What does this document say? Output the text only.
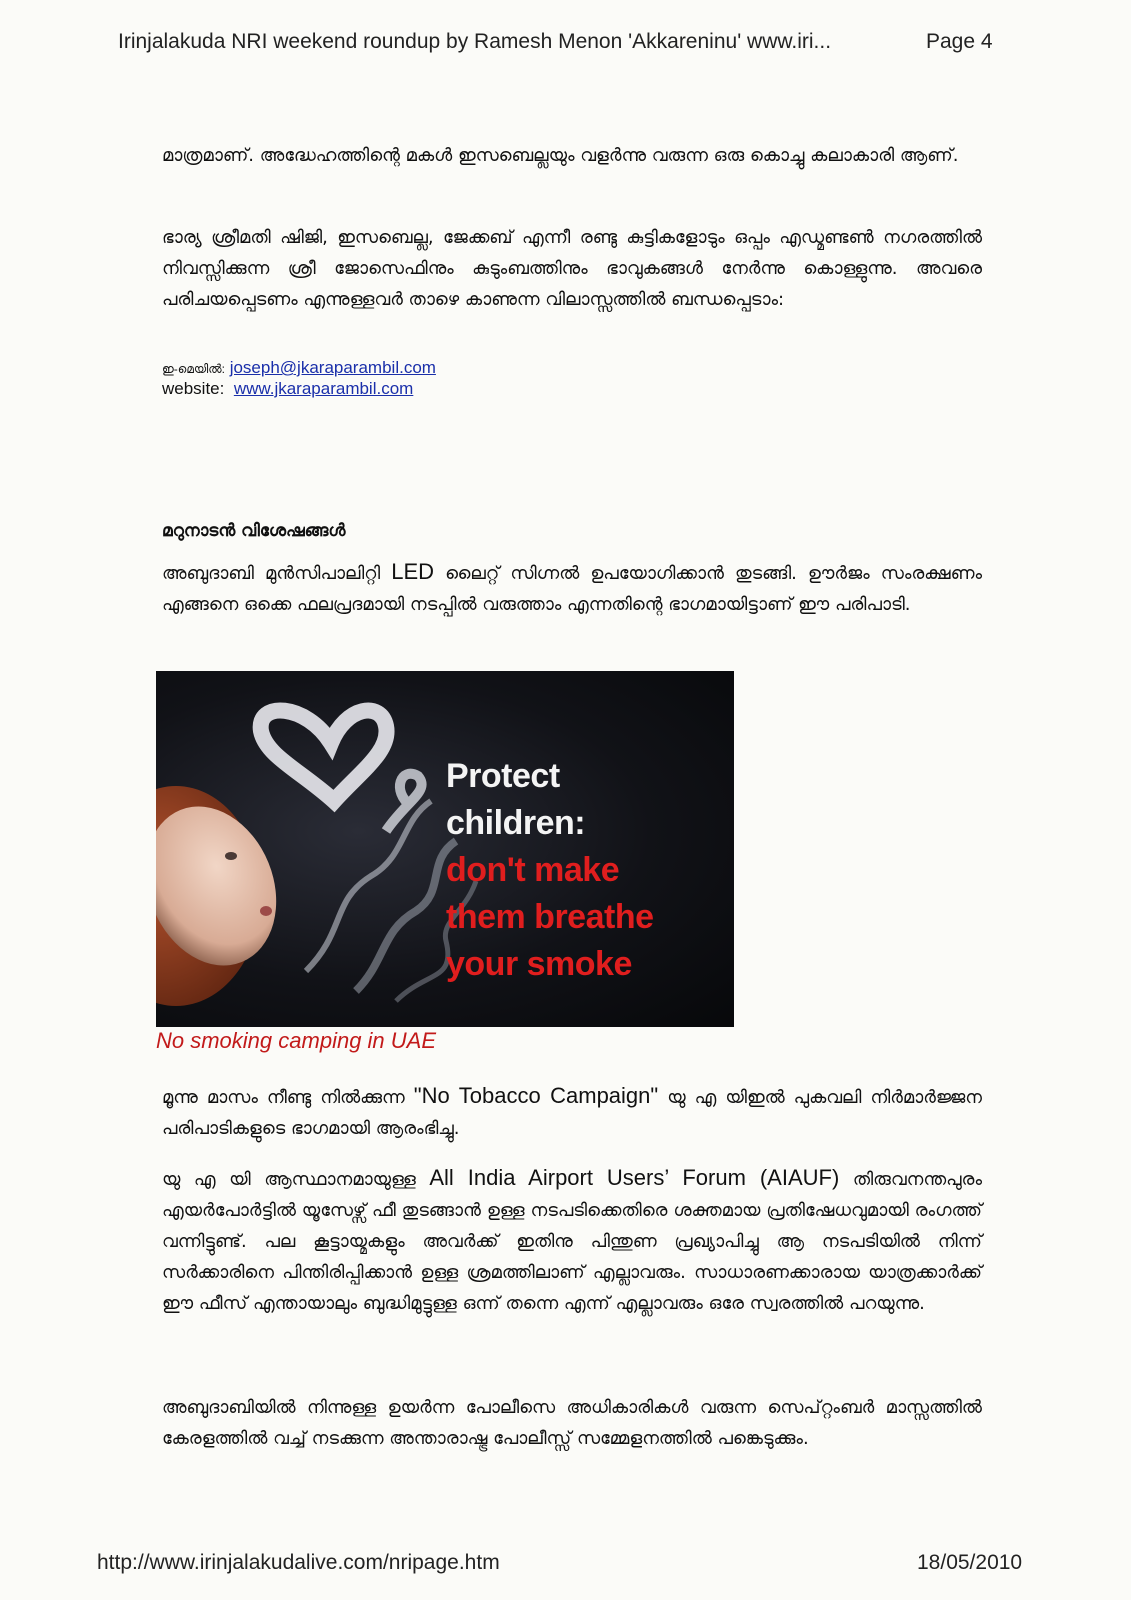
Irinjalakuda NRI weekend roundup by Ramesh Menon 'Akkareninu' www.iri...	Page 4

മാത്രമാണ്. അദ്ധേഹത്തിന്റെ മകൾ ഇസബെല്ലയും വളർന്നു വരുന്ന ഒരു കൊച്ചു കലാകാരി ആണ്.

ഭാര്യ ശ്രീമതി ഷിജി, ഇസബെല്ല, ജേക്കബ് എന്നീ രണ്ടു കുട്ടികളോടും ഒപ്പം എഡ്മണ്ടൺ നഗരത്തിൽ നിവസ്സിക്കുന്ന ശ്രീ ജോസെഫിനും കുടുംബത്തിനും ഭാവുകങ്ങൾ നേർന്നു കൊള്ളുന്നു. അവരെ പരിചയപ്പെടണം എന്നുള്ളവർ താഴെ കാണുന്ന വിലാസ്സത്തിൽ ബന്ധപ്പെടാം:

ഇ-മെയിൽ: joseph@jkaraparambil.com
website: www.jkaraparambil.com
മറുനാടൻ വിശേഷങ്ങൾ

അബുദാബി മുൻസിപാലിറ്റി LED ലൈറ്റ് സിഗ്നൽ ഉപയോഗിക്കാൻ തുടങ്ങി. ഊർജം സംരക്ഷണം എങ്ങനെ ഒക്കെ ഫലപ്രദമായി നടപ്പിൽ വരുത്താം എന്നതിന്റെ ഭാഗമായിട്ടാണ് ഈ പരിപാടി.

Protect
children:
don't make
them breathe
your smoke
No smoking camping in UAE

മൂന്നു മാസം നീണ്ടു നിൽക്കുന്ന "No Tobacco Campaign" യു എ യിഇൽ പുകവലി നിർമാർജ്ജന പരിപാടികളുടെ ഭാഗമായി ആരംഭിച്ചു.

യു എ യി ആസ്ഥാനമായുള്ള All India Airport Users’ Forum (AIAUF) തിരുവനന്തപുരം എയർപോർട്ടിൽ യൂസേഴ്സ് ഫീ തുടങ്ങാൻ ഉള്ള നടപടിക്കെതിരെ ശക്തമായ പ്രതിഷേധവുമായി രംഗത്ത് വന്നിട്ടുണ്ട്. പല കൂട്ടായ്മകളും അവർക്ക് ഇതിനു പിന്തുണ പ്രഖ്യാപിച്ചു ആ നടപടിയിൽ നിന്ന് സർക്കാരിനെ പിന്തിരിപ്പിക്കാൻ ഉള്ള ശ്രമത്തിലാണ് എല്ലാവരും. സാധാരണക്കാരായ യാത്രക്കാർക്ക് ഈ ഫീസ് എന്തായാലും ബുദ്ധിമുട്ടുള്ള ഒന്ന് തന്നെ എന്ന് എല്ലാവരും ഒരേ സ്വരത്തിൽ പറയുന്നു.

അബുദാബിയിൽ നിന്നുള്ള ഉയർന്ന പോലീസെ അധികാരികൾ വരുന്ന സെപ്റ്റംബർ മാസ്സത്തിൽ കേരളത്തിൽ വച്ച് നടക്കുന്ന അന്താരാഷ്ട്ര പോലീസ്സ് സമ്മേളനത്തിൽ പങ്കെടുക്കും.

http://www.irinjalakudalive.com/nripage.htm	18/05/2010
